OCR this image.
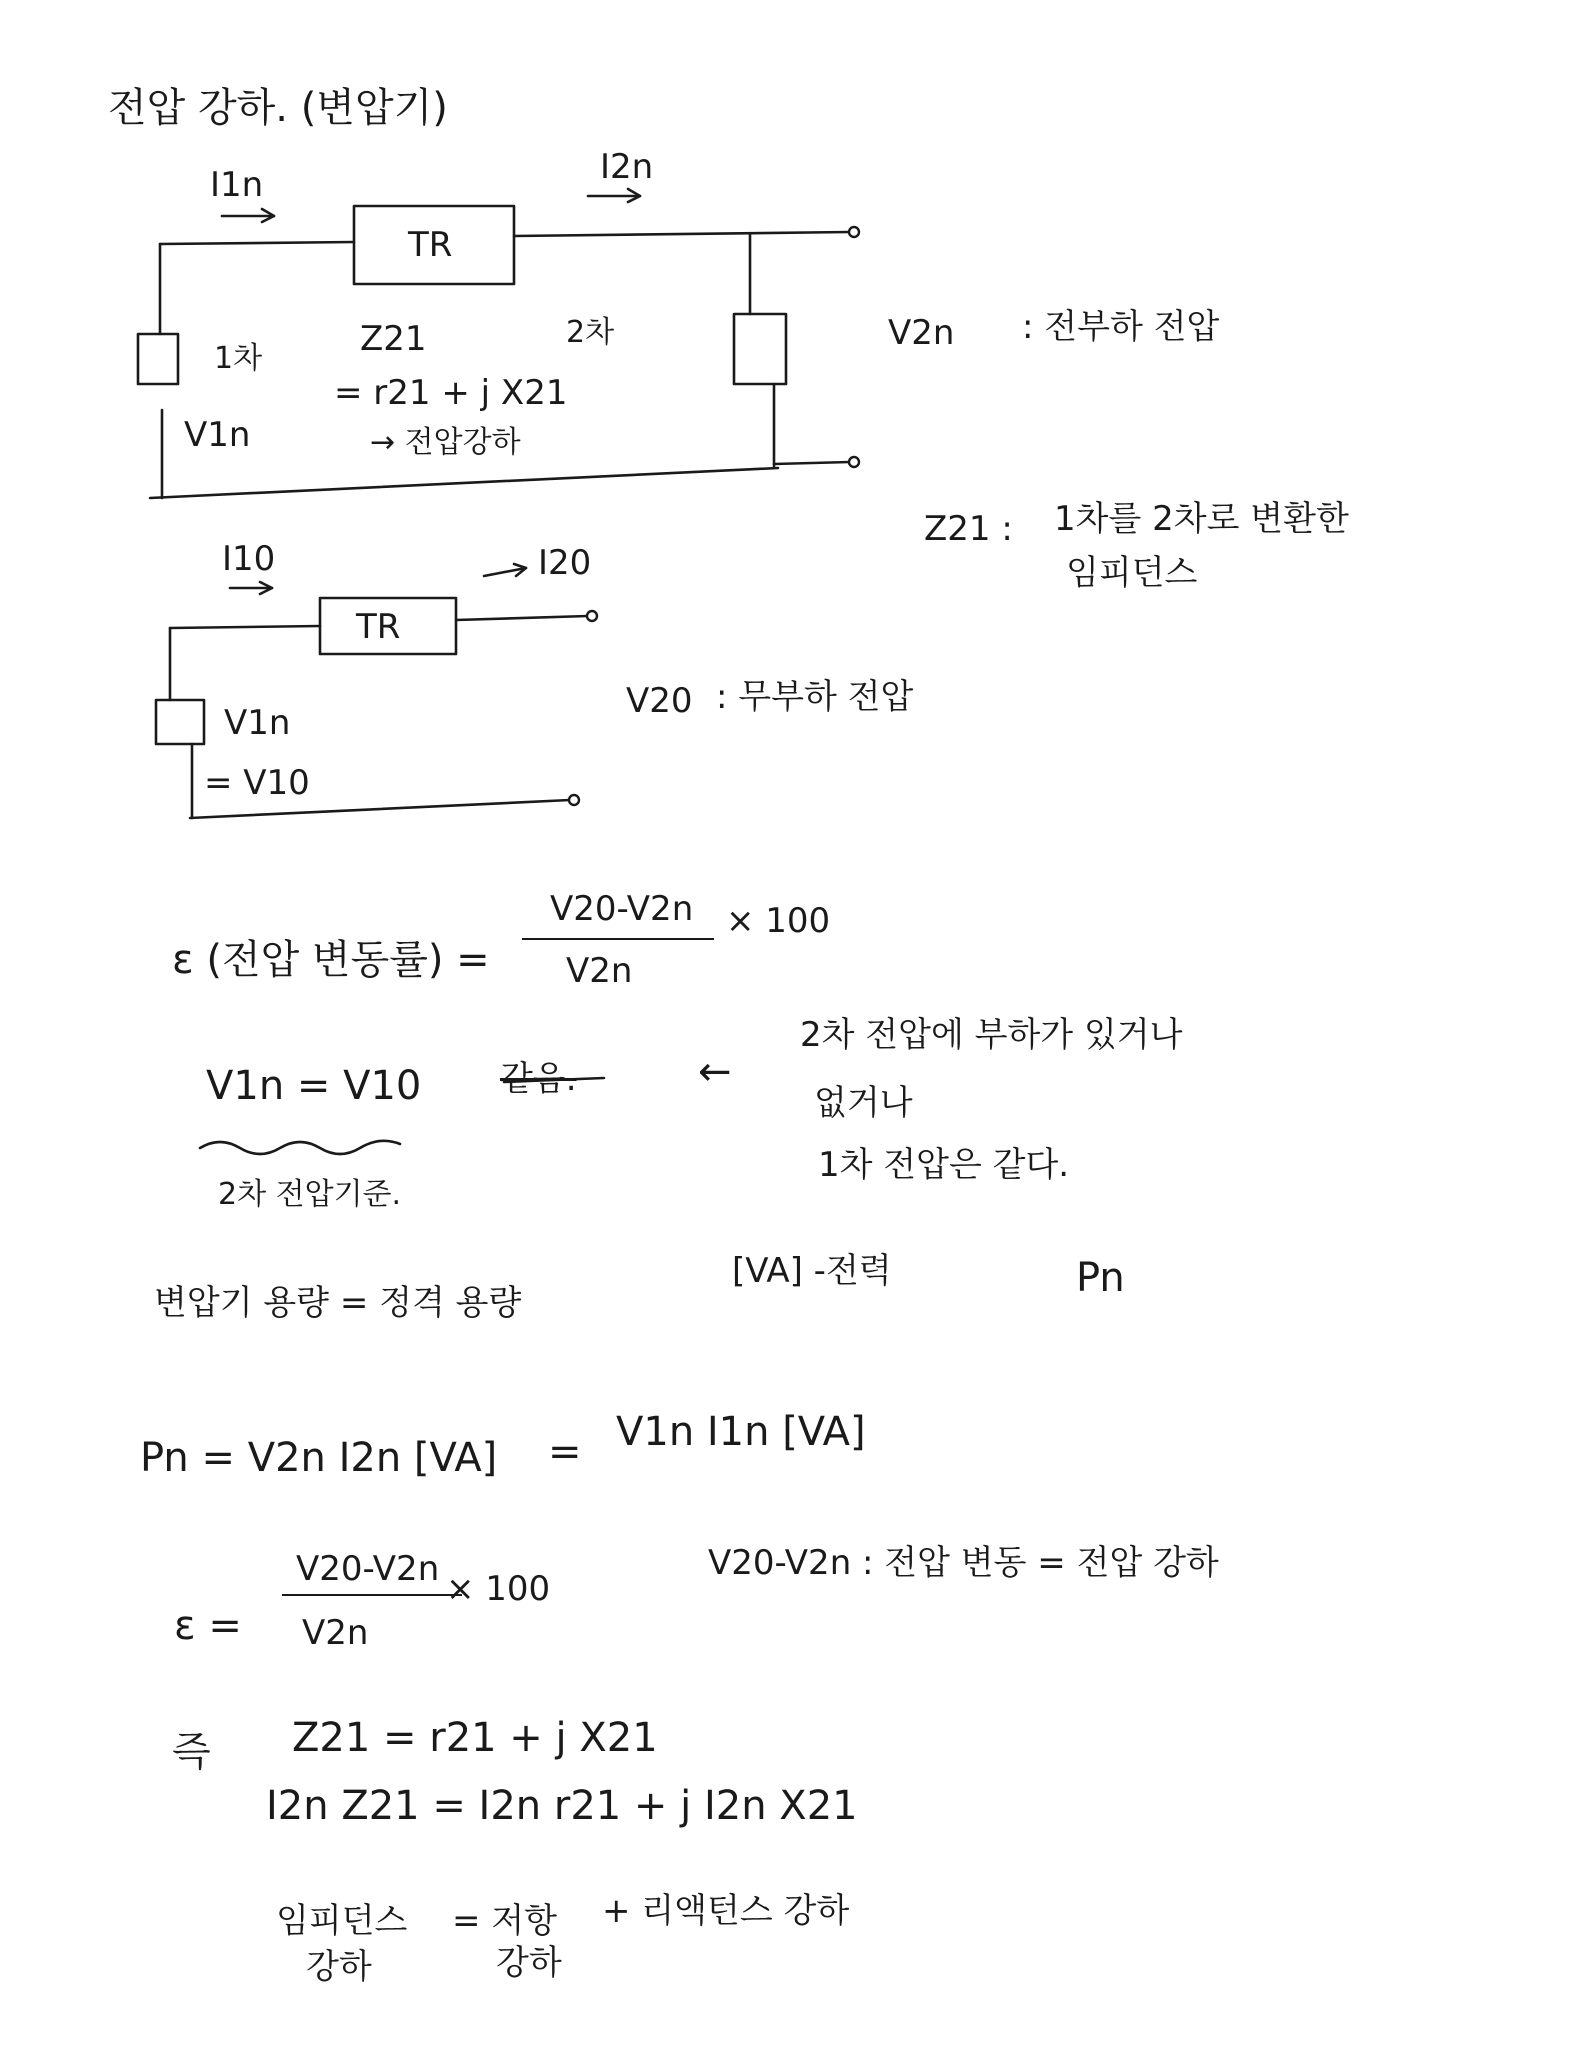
전압 강하. (변압기)
I1n	I2n
TR
1차
2차
Z21
= r21 + j X21
→ 전압강하
V1n
V2n : 전부하 전압
Z21 : 1차를 2차로 변환한
임피던스
I10	I20
TR
V1n
= V10
V20 : 무부하 전압
ε (전압 변동률) =
V20-V2n
V2n
× 100
V1n = V10 같음.	←
2차 전압에 부하가 있거나
없거나
1차 전압은 같다.
2차 전압기준.
변압기 용량 = 정격 용량
[VA] -전력	Pn
Pn = V2n I2n [VA] = V1n I1n [VA]
ε =
V20-V2n
V2n
× 100
V20-V2n : 전압 변동 = 전압 강하
즉 Z21 = r21 + j X21
I2n Z21 = I2n r21 + j I2n X21
임피던스
강하
= 저항
강하
+ 리액턴스 강하
